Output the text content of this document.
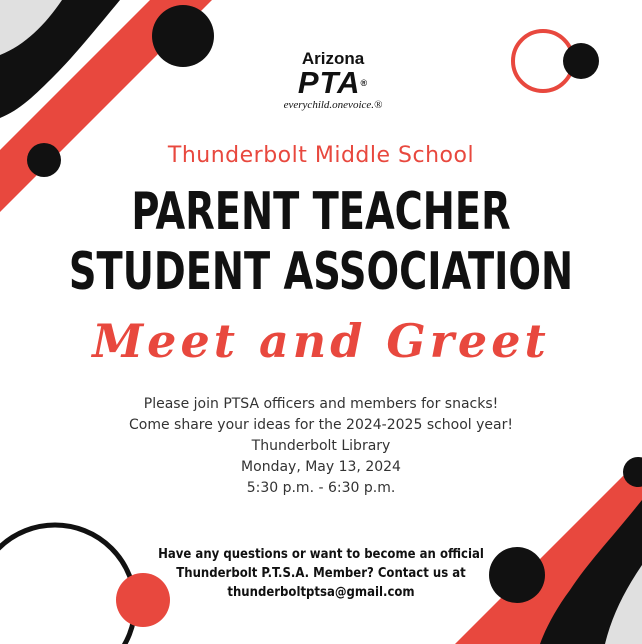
Arizona
PTA®
everychild.onevoice.®
Thunderbolt Middle School
PARENT TEACHER
STUDENT ASSOCIATION
Meet and Greet
Please join PTSA officers and members for snacks!
Come share your ideas for the 2024-2025 school year!
Thunderbolt Library
Monday, May 13, 2024
5:30 p.m. - 6:30 p.m.
Have any questions or want to become an official
Thunderbolt P.T.S.A. Member? Contact us at
thunderboltptsa@gmail.com
